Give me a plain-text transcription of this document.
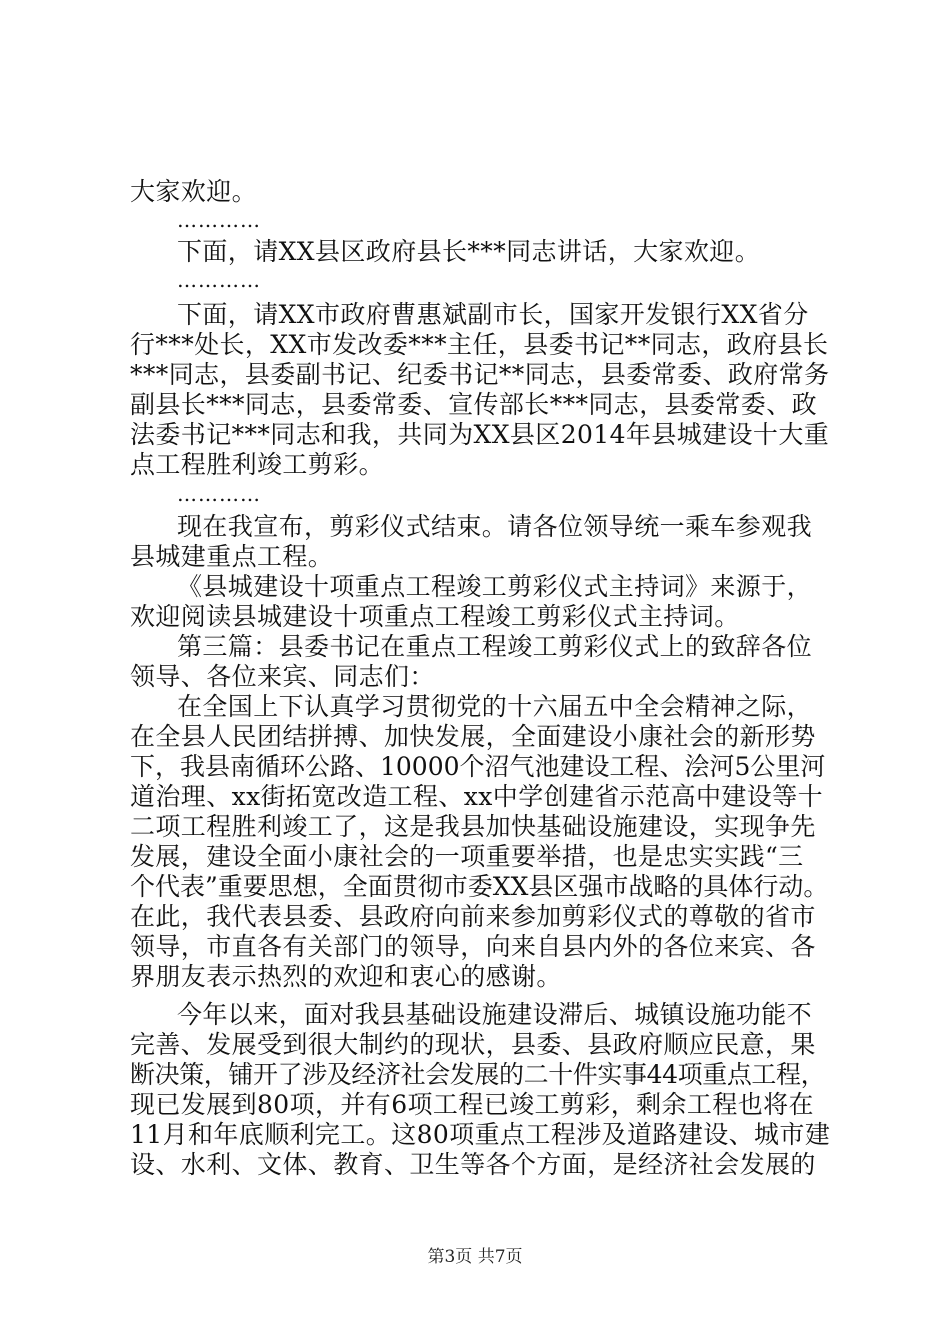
大家欢迎。
…………
下面，请XX县区政府县长***同志讲话，大家欢迎。
…………
下面，请XX市政府曹惠斌副市长，国家开发银行XX省分
行***处长，XX市发改委***主任，县委书记**同志，政府县长
***同志，县委副书记、纪委书记**同志，县委常委、政府常务
副县长***同志，县委常委、宣传部长***同志，县委常委、政
法委书记***同志和我，共同为XX县区2014年县城建设十大重
点工程胜利竣工剪彩。
…………
现在我宣布，剪彩仪式结束。请各位领导统一乘车参观我
县城建重点工程。
《县城建设十项重点工程竣工剪彩仪式主持词》来源于，
欢迎阅读县城建设十项重点工程竣工剪彩仪式主持词。
第三篇：县委书记在重点工程竣工剪彩仪式上的致辞各位
领导、各位来宾、同志们：
在全国上下认真学习贯彻党的十六届五中全会精神之际，
在全县人民团结拼搏、加快发展，全面建设小康社会的新形势
下，我县南循环公路、10000个沼气池建设工程、浍河5公里河
道治理、xx街拓宽改造工程、xx中学创建省示范高中建设等十
二项工程胜利竣工了，这是我县加快基础设施建设，实现争先
发展，建设全面小康社会的一项重要举措，也是忠实实践“三
个代表”重要思想，全面贯彻市委XX县区强市战略的具体行动。
在此，我代表县委、县政府向前来参加剪彩仪式的尊敬的省市
领导，市直各有关部门的领导，向来自县内外的各位来宾、各
界朋友表示热烈的欢迎和衷心的感谢。
今年以来，面对我县基础设施建设滞后、城镇设施功能不
完善、发展受到很大制约的现状，县委、县政府顺应民意，果
断决策，铺开了涉及经济社会发展的二十件实事44项重点工程，
现已发展到80项，并有6项工程已竣工剪彩，剩余工程也将在
11月和年底顺利完工。这80项重点工程涉及道路建设、城市建
设、水利、文体、教育、卫生等各个方面，是经济社会发展的
第3页 共7页
